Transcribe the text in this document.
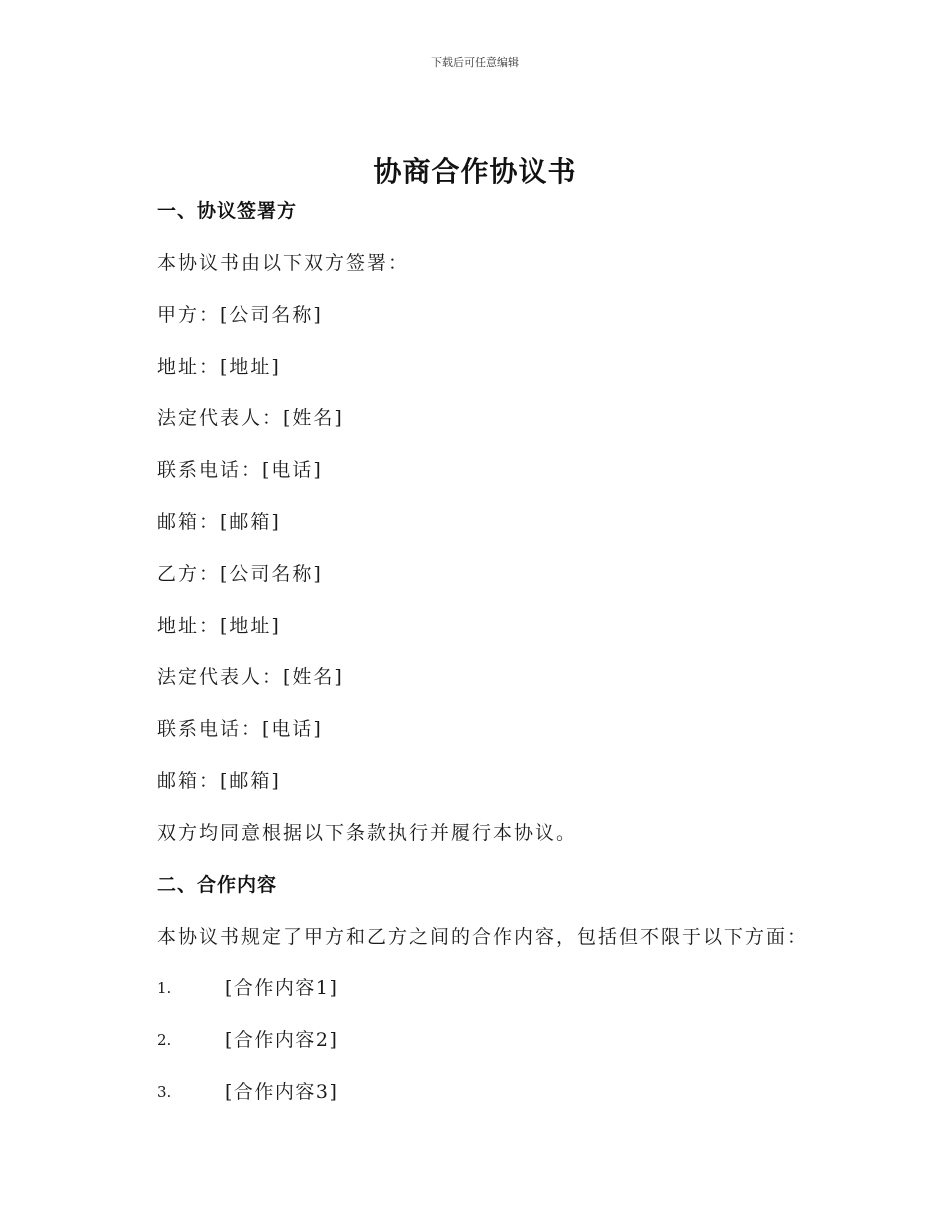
下载后可任意编辑
协商合作协议书
一、协议签署方
本协议书由以下双方签署：
甲方：[公司名称]
地址：[地址]
法定代表人：[姓名]
联系电话：[电话]
邮箱：[邮箱]
乙方：[公司名称]
地址：[地址]
法定代表人：[姓名]
联系电话：[电话]
邮箱：[邮箱]
双方均同意根据以下条款执行并履行本协议。
二、合作内容
本协议书规定了甲方和乙方之间的合作内容，包括但不限于以下方面：
1.	[合作内容1]
2.	[合作内容2]
3.	[合作内容3]
